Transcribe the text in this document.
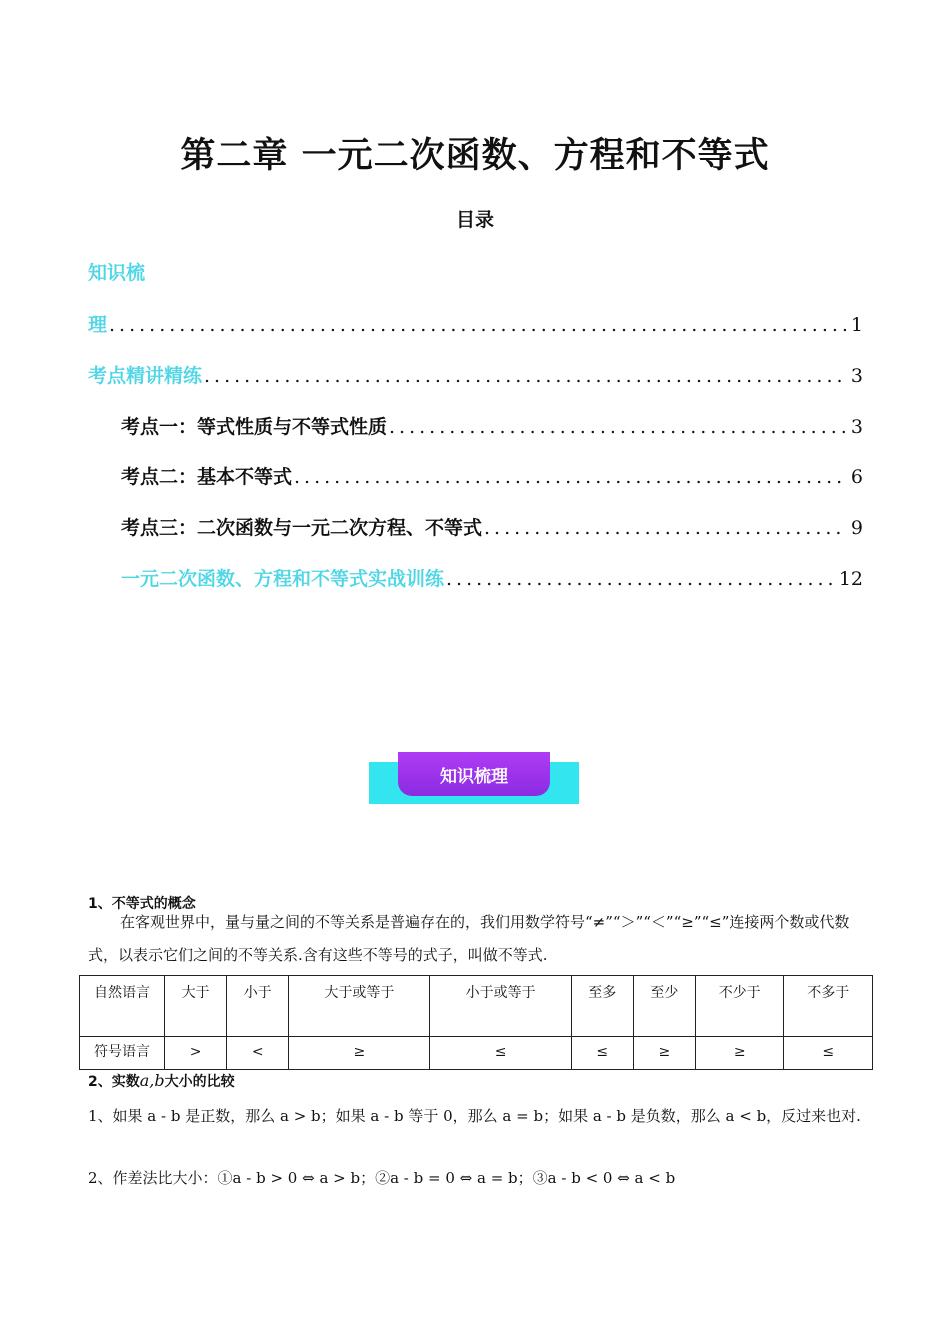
第二章 一元二次函数、方程和不等式
目录
知识梳
理 .....	1
考点精讲精练 .....	3
考点一：等式性质与不等式性质 .....	3
考点二：基本不等式 .....	6
考点三：二次函数与一元二次方程、不等式 .....	9
一元二次函数、方程和不等式实战训练 .....	12
知识梳理
1、不等式的概念
在客观世界中，量与量之间的不等关系是普遍存在的，我们用数学符号“≠”“＞”“＜”“≥”“≤”连接两个数或代数式，以表示它们之间的不等关系.含有这些不等号的式子，叫做不等式.
自然语言	大于	小于	大于或等于	小于或等于	至多	至少	不少于	不多于
符号语言	>	<	≥	≤	≤	≥	≥	≤
2、实数a,b大小的比较
1、如果 a - b 是正数，那么 a > b；如果 a - b 等于 0，那么 a = b；如果 a - b 是负数，那么 a < b，反过来也对.
2、作差法比大小：①a - b > 0 ⇔ a > b；②a - b = 0 ⇔ a = b；③a - b < 0 ⇔ a < b
